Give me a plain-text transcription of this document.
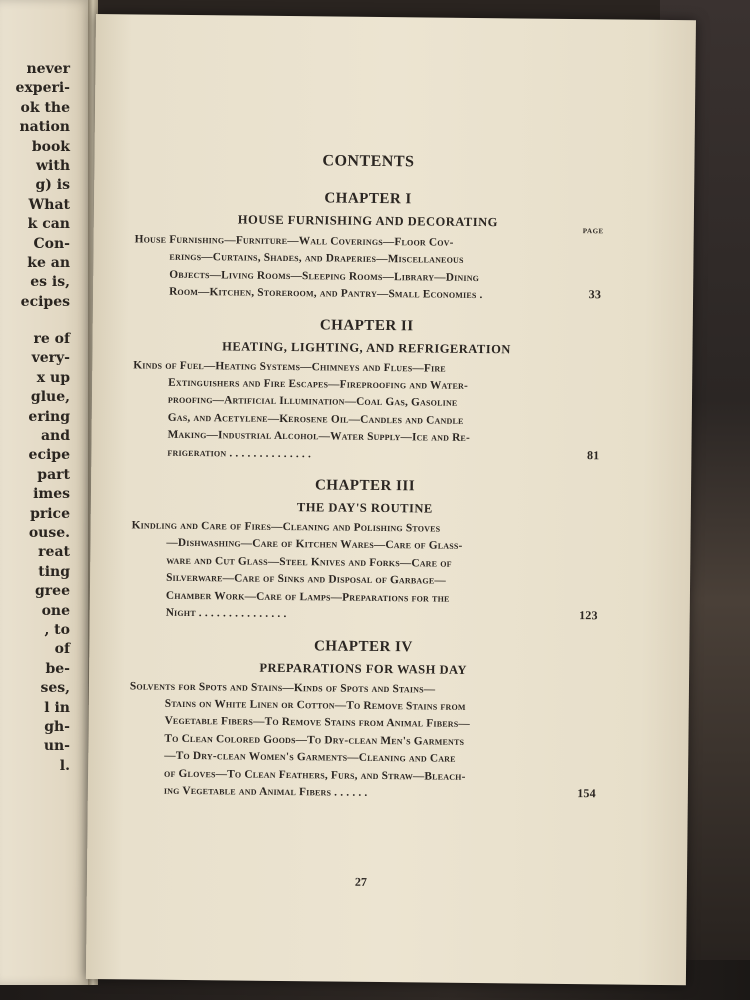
never
experi-
ok the
nation
book
with
g) is
What
k can
Con-
ke an
es is,
ecipes
re of
very-
x up
glue,
ering
and
ecipe
part
imes
price
ouse.
reat
ting
gree
one
, to
of
be-
ses,
l in
gh-
un-
l.
CONTENTS
CHAPTER I
HOUSE FURNISHING AND DECORATING
PAGE
House Furnishing—Furniture—Wall Coverings—Floor Cov-
erings—Curtains, Shades, and Draperies—Miscellaneous
Objects—Living Rooms—Sleeping Rooms—Library—Dining
Room—Kitchen, Storeroom, and Pantry—Small Economies .	33
CHAPTER II
HEATING, LIGHTING, AND REFRIGERATION
Kinds of Fuel—Heating Systems—Chimneys and Flues—Fire
Extinguishers and Fire Escapes—Fireproofing and Water-
proofing—Artificial Illumination—Coal Gas, Gasoline
Gas, and Acetylene—Kerosene Oil—Candles and Candle
Making—Industrial Alcohol—Water Supply—Ice and Re-
frigeration . . . . . . . . . . . . . .	81
CHAPTER III
THE DAY'S ROUTINE
Kindling and Care of Fires—Cleaning and Polishing Stoves
—Dishwashing—Care of Kitchen Wares—Care of Glass-
ware and Cut Glass—Steel Knives and Forks—Care of
Silverware—Care of Sinks and Disposal of Garbage—
Chamber Work—Care of Lamps—Preparations for the
Night . . . . . . . . . . . . . . .	123
CHAPTER IV
PREPARATIONS FOR WASH DAY
Solvents for Spots and Stains—Kinds of Spots and Stains—
Stains on White Linen or Cotton—To Remove Stains from
Vegetable Fibers—To Remove Stains from Animal Fibers—
To Clean Colored Goods—To Dry-clean Men's Garments
—To Dry-clean Women's Garments—Cleaning and Care
of Gloves—To Clean Feathers, Furs, and Straw—Bleach-
ing Vegetable and Animal Fibers . . . . . .	154
27
